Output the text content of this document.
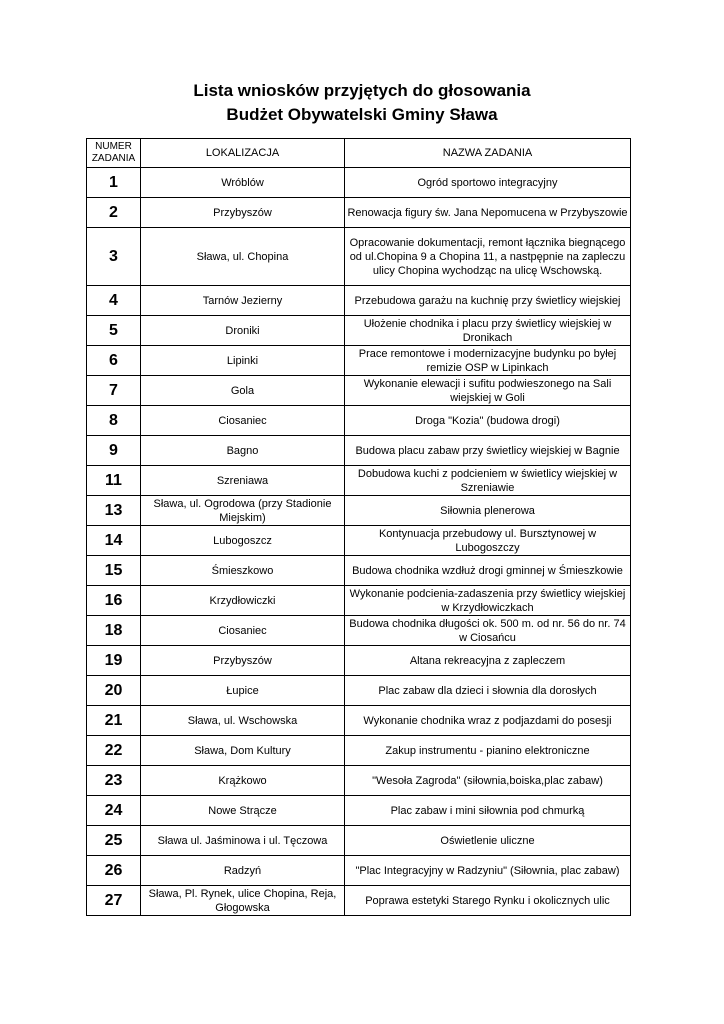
Lista wniosków przyjętych do głosowania
Budżet Obywatelski Gminy Sława
NUMER ZADANIA	LOKALIZACJA	NAZWA ZADANIA
1	Wróblów	Ogród sportowo integracyjny
2	Przybyszów	Renowacja figury św. Jana Nepomucena w Przybyszowie
3	Sława, ul. Chopina	Opracowanie dokumentacji, remont łącznika biegnącego od ul.Chopina 9 a Chopina 11, a nastpępnie na zapleczu ulicy Chopina wychodząc na ulicę Wschowską.
4	Tarnów Jezierny	Przebudowa garażu na kuchnię przy świetlicy wiejskiej
5	Droniki	Ułożenie chodnika i placu przy świetlicy wiejskiej w Dronikach
6	Lipinki	Prace remontowe i modernizacyjne budynku po byłej remizie OSP w Lipinkach
7	Gola	Wykonanie elewacji i sufitu podwieszonego na Sali wiejskiej w Goli
8	Ciosaniec	Droga "Kozia" (budowa drogi)
9	Bagno	Budowa placu zabaw przy świetlicy wiejskiej w Bagnie
11	Szreniawa	Dobudowa kuchi z podcieniem w świetlicy wiejskiej w Szreniawie
13	Sława, ul. Ogrodowa (przy Stadionie Miejskim)	Siłownia plenerowa
14	Lubogoszcz	Kontynuacja przebudowy ul. Bursztynowej w Lubogoszczy
15	Śmieszkowo	Budowa chodnika wzdłuż drogi gminnej w Śmieszkowie
16	Krzydłowiczki	Wykonanie podcienia-zadaszenia przy świetlicy wiejskiej w Krzydłowiczkach
18	Ciosaniec	Budowa chodnika długości ok. 500 m. od nr. 56 do nr. 74 w Ciosańcu
19	Przybyszów	Altana rekreacyjna z zapleczem
20	Łupice	Plac zabaw dla dzieci i słownia dla dorosłych
21	Sława, ul. Wschowska	Wykonanie chodnika wraz z podjazdami do posesji
22	Sława, Dom Kultury	Zakup instrumentu - pianino elektroniczne
23	Krążkowo	"Wesoła Zagroda" (siłownia,boiska,plac zabaw)
24	Nowe Strącze	Plac zabaw i mini siłownia pod chmurką
25	Sława ul. Jaśminowa i ul. Tęczowa	Oświetlenie uliczne
26	Radzyń	"Plac Integracyjny w Radzyniu" (Siłownia, plac zabaw)
27	Sława, Pl. Rynek, ulice Chopina, Reja, Głogowska	Poprawa estetyki Starego Rynku i okolicznych ulic
